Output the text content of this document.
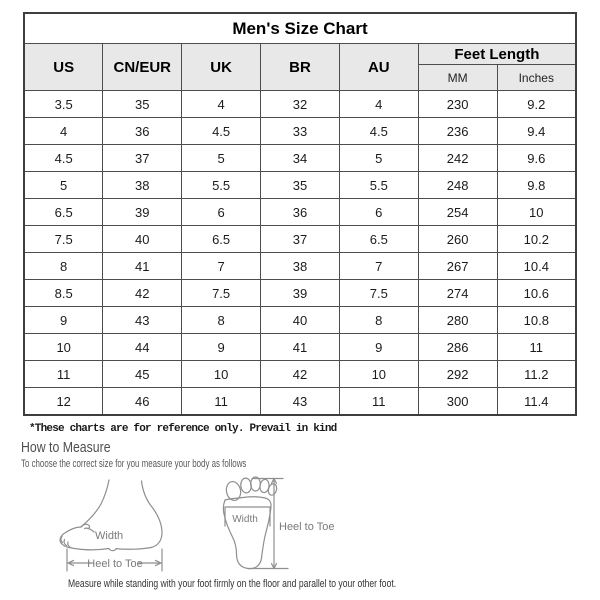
Men's Size Chart						
US	CN/EUR	UK	BR	AU	Feet Length	
					MM	Inches
3.5	35	4	32	4	230	9.2
4	36	4.5	33	4.5	236	9.4
4.5	37	5	34	5	242	9.6
5	38	5.5	35	5.5	248	9.8
6.5	39	6	36	6	254	10
7.5	40	6.5	37	6.5	260	10.2
8	41	7	38	7	267	10.4
8.5	42	7.5	39	7.5	274	10.6
9	43	8	40	8	280	10.8
10	44	9	41	9	286	11
11	45	10	42	10	292	11.2
12	46	11	43	11	300	11.4
*These charts are for reference only. Prevail in kind
How to Measure
To choose the correct size for you measure your body as follows
Measure while standing with your foot firmly on the floor and parallel to your other foot.
Width
Heel to Toe
Width
Heel to Toe
